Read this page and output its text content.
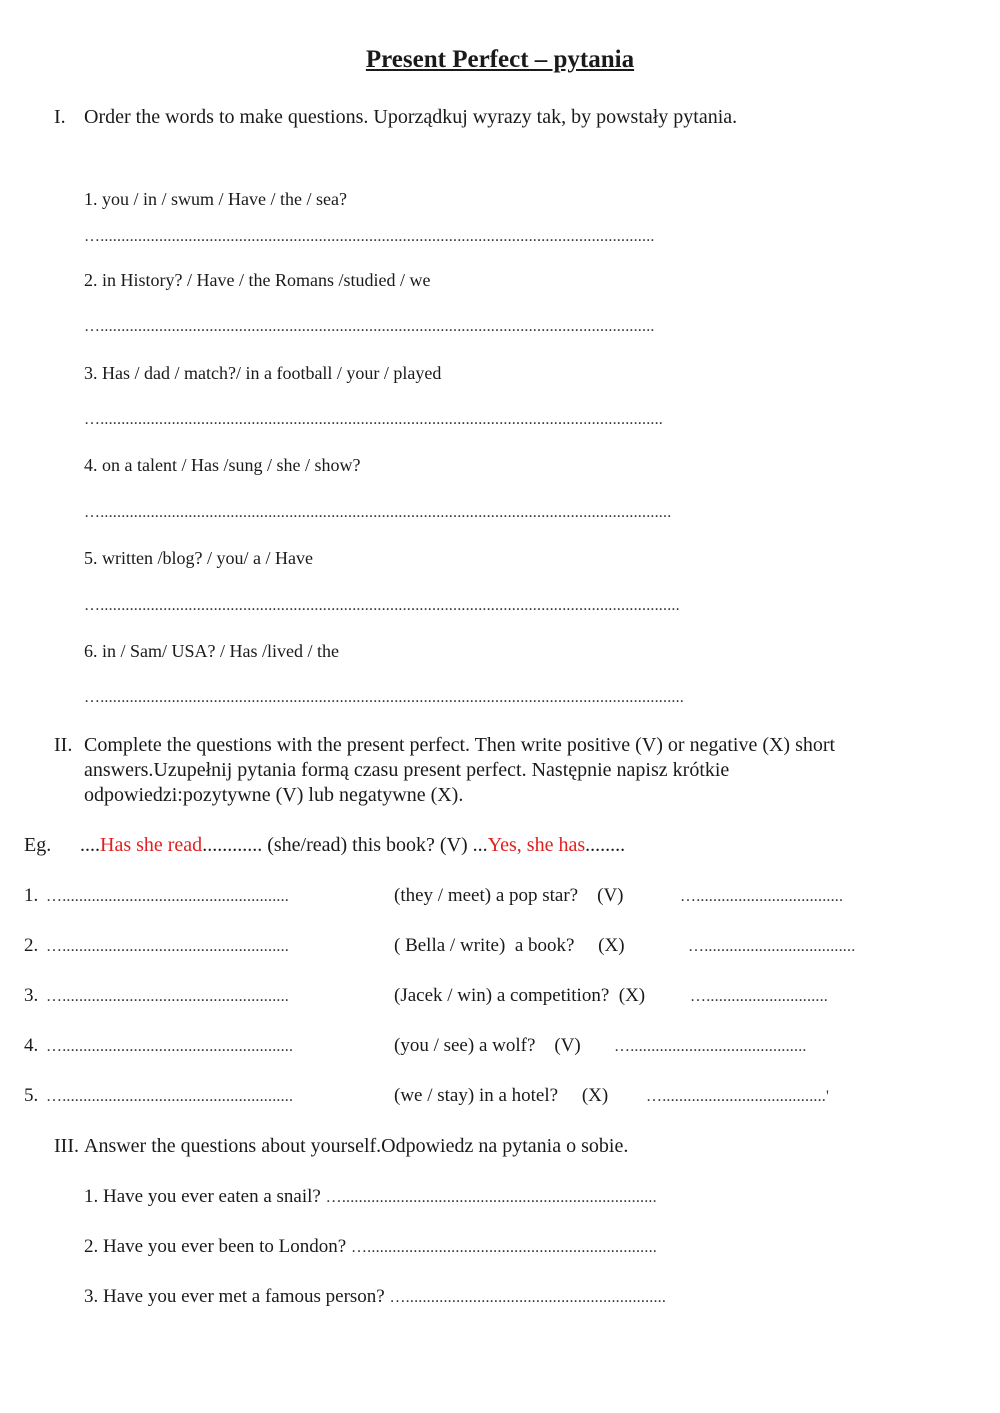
Present Perfect – pytania
I. Order the words to make questions. Uporządkuj wyrazy tak, by powstały pytania.
1. you / in / swum / Have / the / sea?
…....................................................................................................................................
2. in History? / Have / the Romans /studied / we
…....................................................................................................................................
3. Has / dad / match?/ in a football / your / played
…......................................................................................................................................
4. on a talent / Has /sung / she / show?
…........................................................................................................................................
5. written /blog? / you/ a / Have
…..........................................................................................................................................
6. in / Sam/ USA? / Has /lived / the
…...........................................................................................................................................
II. Complete the questions with the present perfect. Then write positive (V) or negative (X) short
answers.Uzupełnij pytania formą czasu present perfect. Następnie napisz krótkie
odpowiedzi:pozytywne (V) lub negatywne (X).
Eg. ....Has she read............ (she/read) this book? (V) ...Yes, she has........
1. …......................................................	(they / meet) a pop star?    (V)	…...................................
2. …......................................................	( Bella / write)  a book?     (X)	…....................................
3. …......................................................	(Jacek / win) a competition?  (X)	….............................
4. ….......................................................	(you / see) a wolf?    (V) …..........................................
5. ….......................................................	(we / stay) in a hotel?     (X) ….......................................'
III. Answer the questions about yourself.Odpowiedz na pytania o sobie.
1. Have you ever eaten a snail? …...........................................................................
2. Have you ever been to London? ….....................................................................
3. Have you ever met a famous person? …..............................................................
